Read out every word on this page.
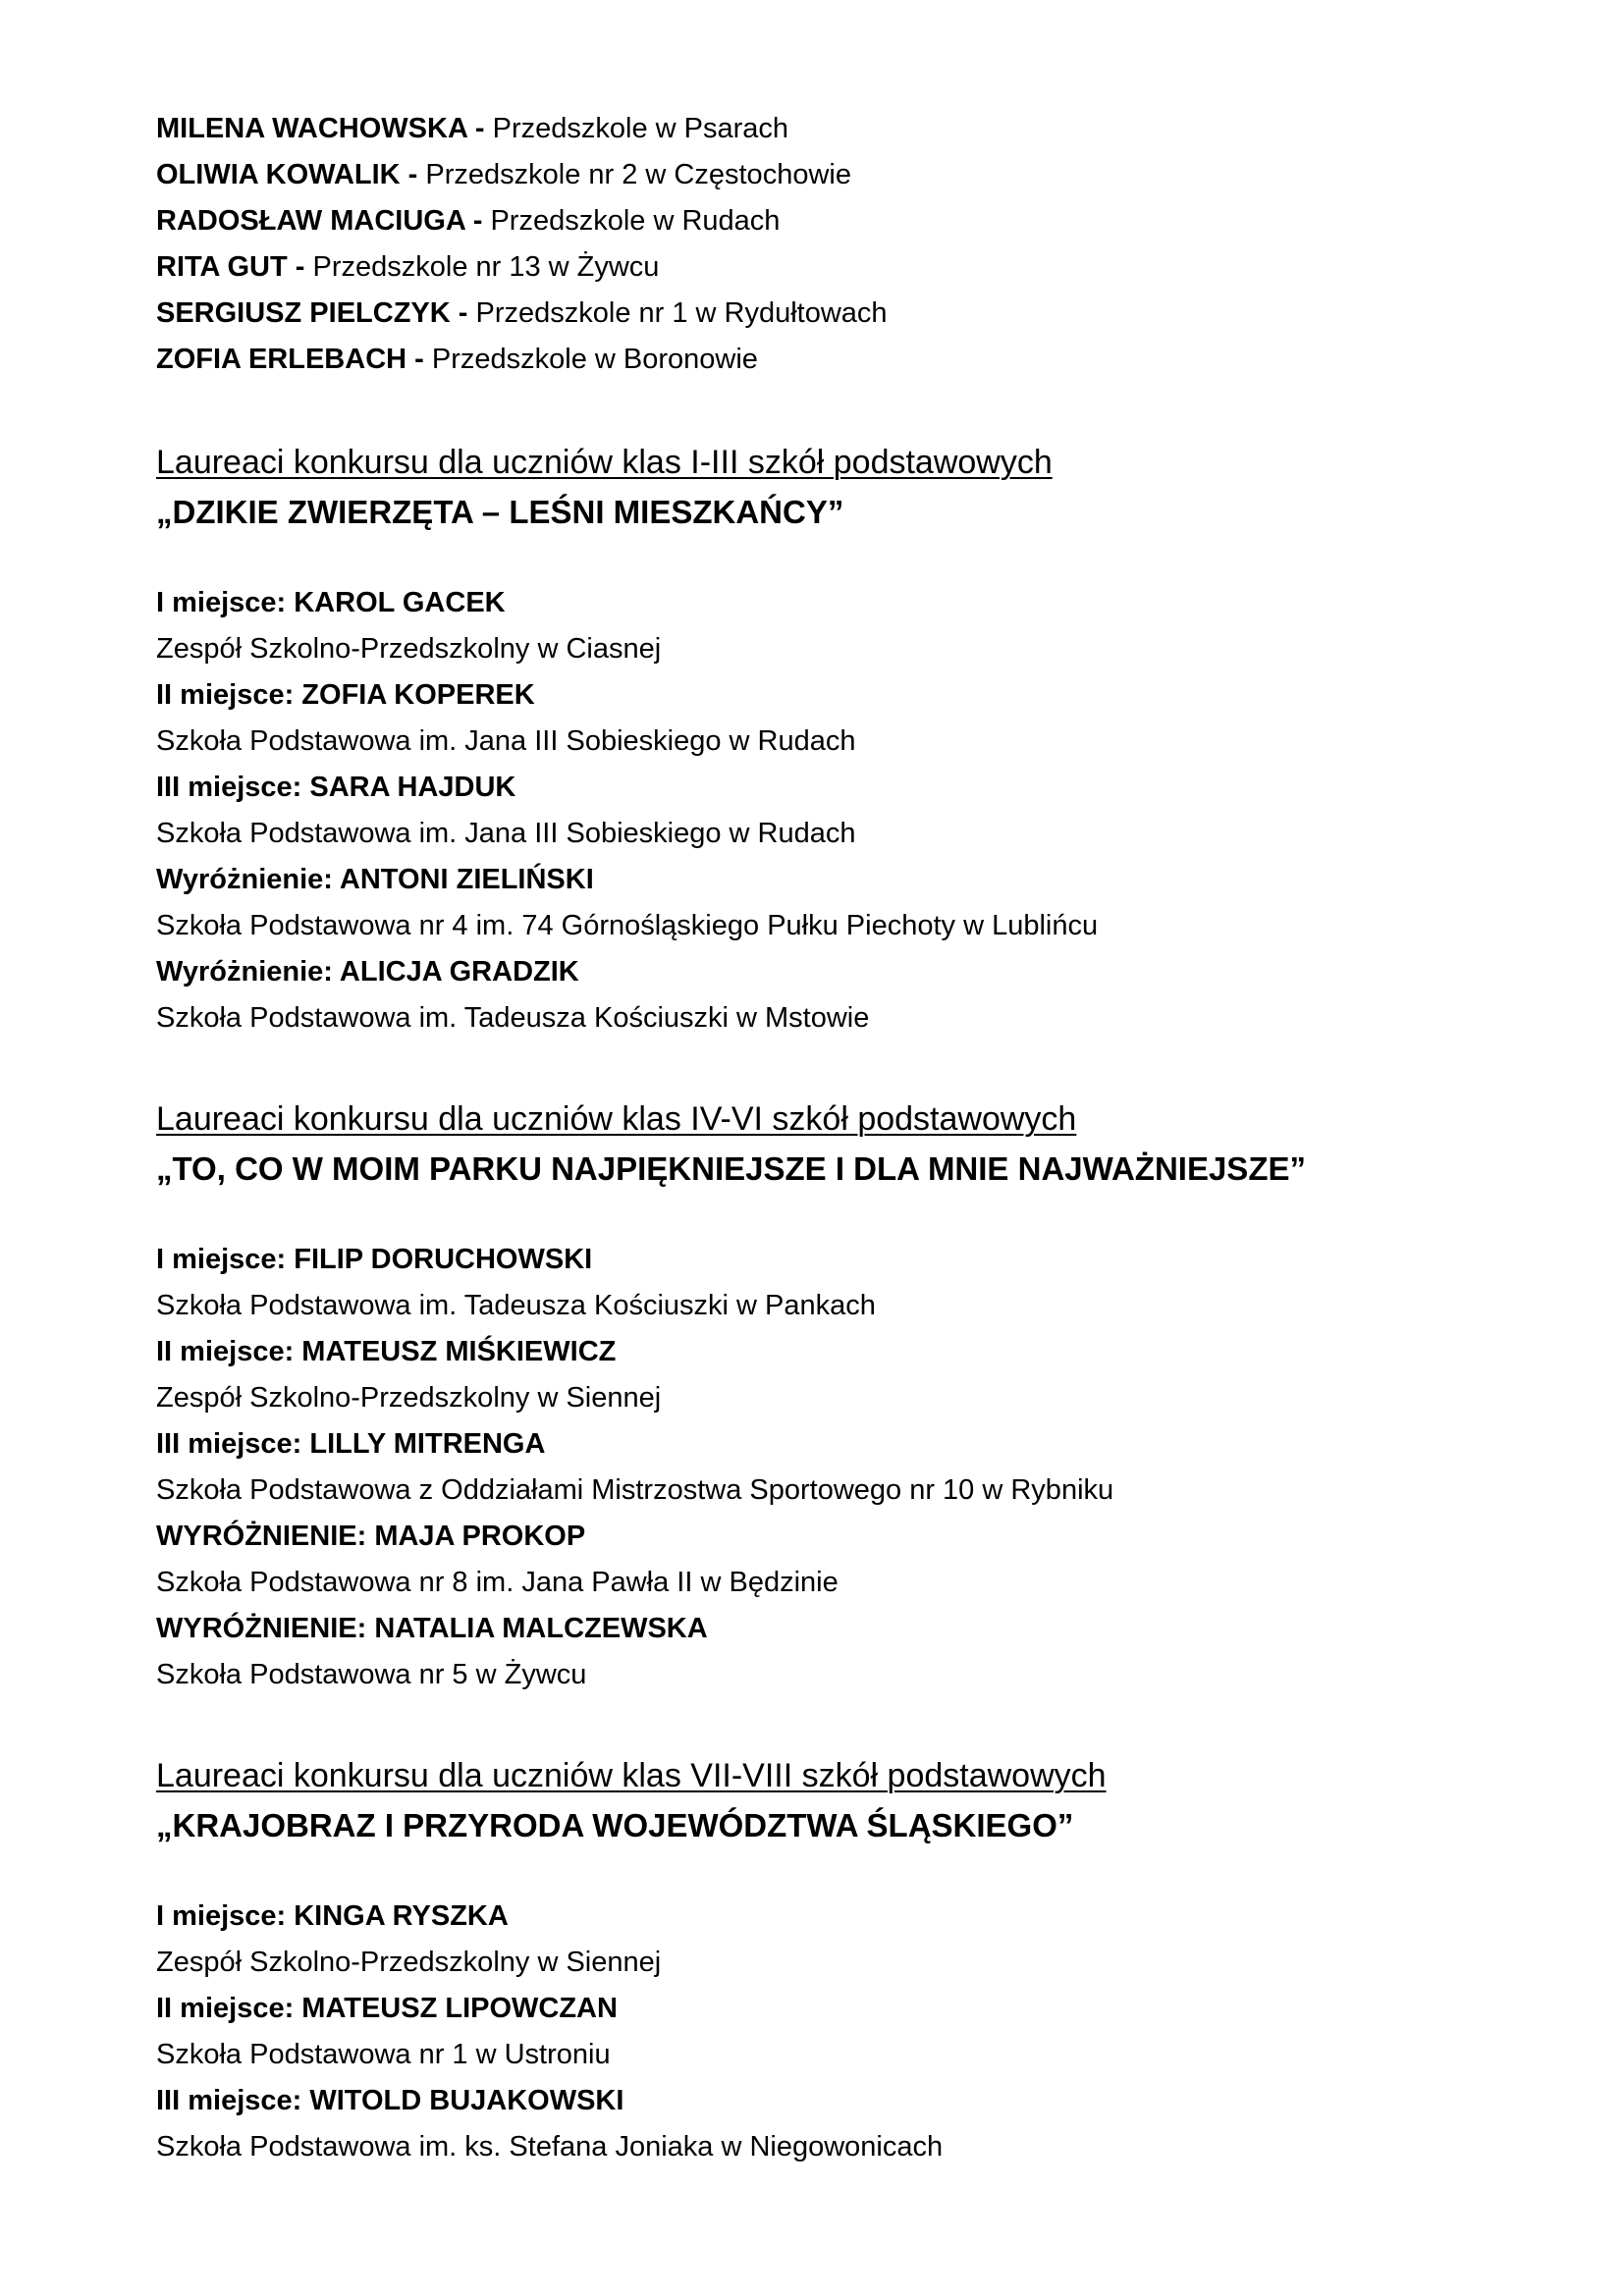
MILENA WACHOWSKA - Przedszkole w Psarach
OLIWIA KOWALIK - Przedszkole nr 2 w Częstochowie
RADOSŁAW MACIUGA - Przedszkole w Rudach
RITA GUT - Przedszkole nr 13 w Żywcu
SERGIUSZ PIELCZYK - Przedszkole nr 1 w Rydułtowach
ZOFIA ERLEBACH - Przedszkole w Boronowie
Laureaci konkursu dla uczniów klas I-III szkół podstawowych
„DZIKIE ZWIERZĘTA – LEŚNI MIESZKAŃCY”
I miejsce: KAROL GACEK
Zespół Szkolno-Przedszkolny w Ciasnej
II miejsce: ZOFIA KOPEREK
Szkoła Podstawowa im. Jana III Sobieskiego w Rudach
III miejsce: SARA HAJDUK
Szkoła Podstawowa im. Jana III Sobieskiego w Rudach
Wyróżnienie: ANTONI ZIELIŃSKI
Szkoła Podstawowa nr 4 im. 74 Górnośląskiego Pułku Piechoty w Lublińcu
Wyróżnienie: ALICJA GRADZIK
Szkoła Podstawowa im. Tadeusza Kościuszki w Mstowie
Laureaci konkursu dla uczniów klas IV-VI szkół podstawowych
„TO, CO W MOIM PARKU NAJPIĘKNIEJSZE I DLA MNIE NAJWAŻNIEJSZE”
I miejsce: FILIP DORUCHOWSKI
Szkoła Podstawowa im. Tadeusza Kościuszki w Pankach
II miejsce: MATEUSZ MIŚKIEWICZ
Zespół Szkolno-Przedszkolny w Siennej
III miejsce: LILLY MITRENGA
Szkoła Podstawowa z Oddziałami Mistrzostwa Sportowego nr 10 w Rybniku
WYRÓŻNIENIE: MAJA PROKOP
Szkoła Podstawowa nr 8 im. Jana Pawła II w Będzinie
WYRÓŻNIENIE: NATALIA MALCZEWSKA
Szkoła Podstawowa nr 5 w Żywcu
Laureaci konkursu dla uczniów klas VII-VIII szkół podstawowych
„KRAJOBRAZ I PRZYRODA WOJEWÓDZTWA ŚLĄSKIEGO”
I miejsce: KINGA RYSZKA
Zespół Szkolno-Przedszkolny w Siennej
II miejsce: MATEUSZ LIPOWCZAN
Szkoła Podstawowa nr 1 w Ustroniu
III miejsce: WITOLD BUJAKOWSKI
Szkoła Podstawowa im. ks. Stefana Joniaka w Niegowonicach
